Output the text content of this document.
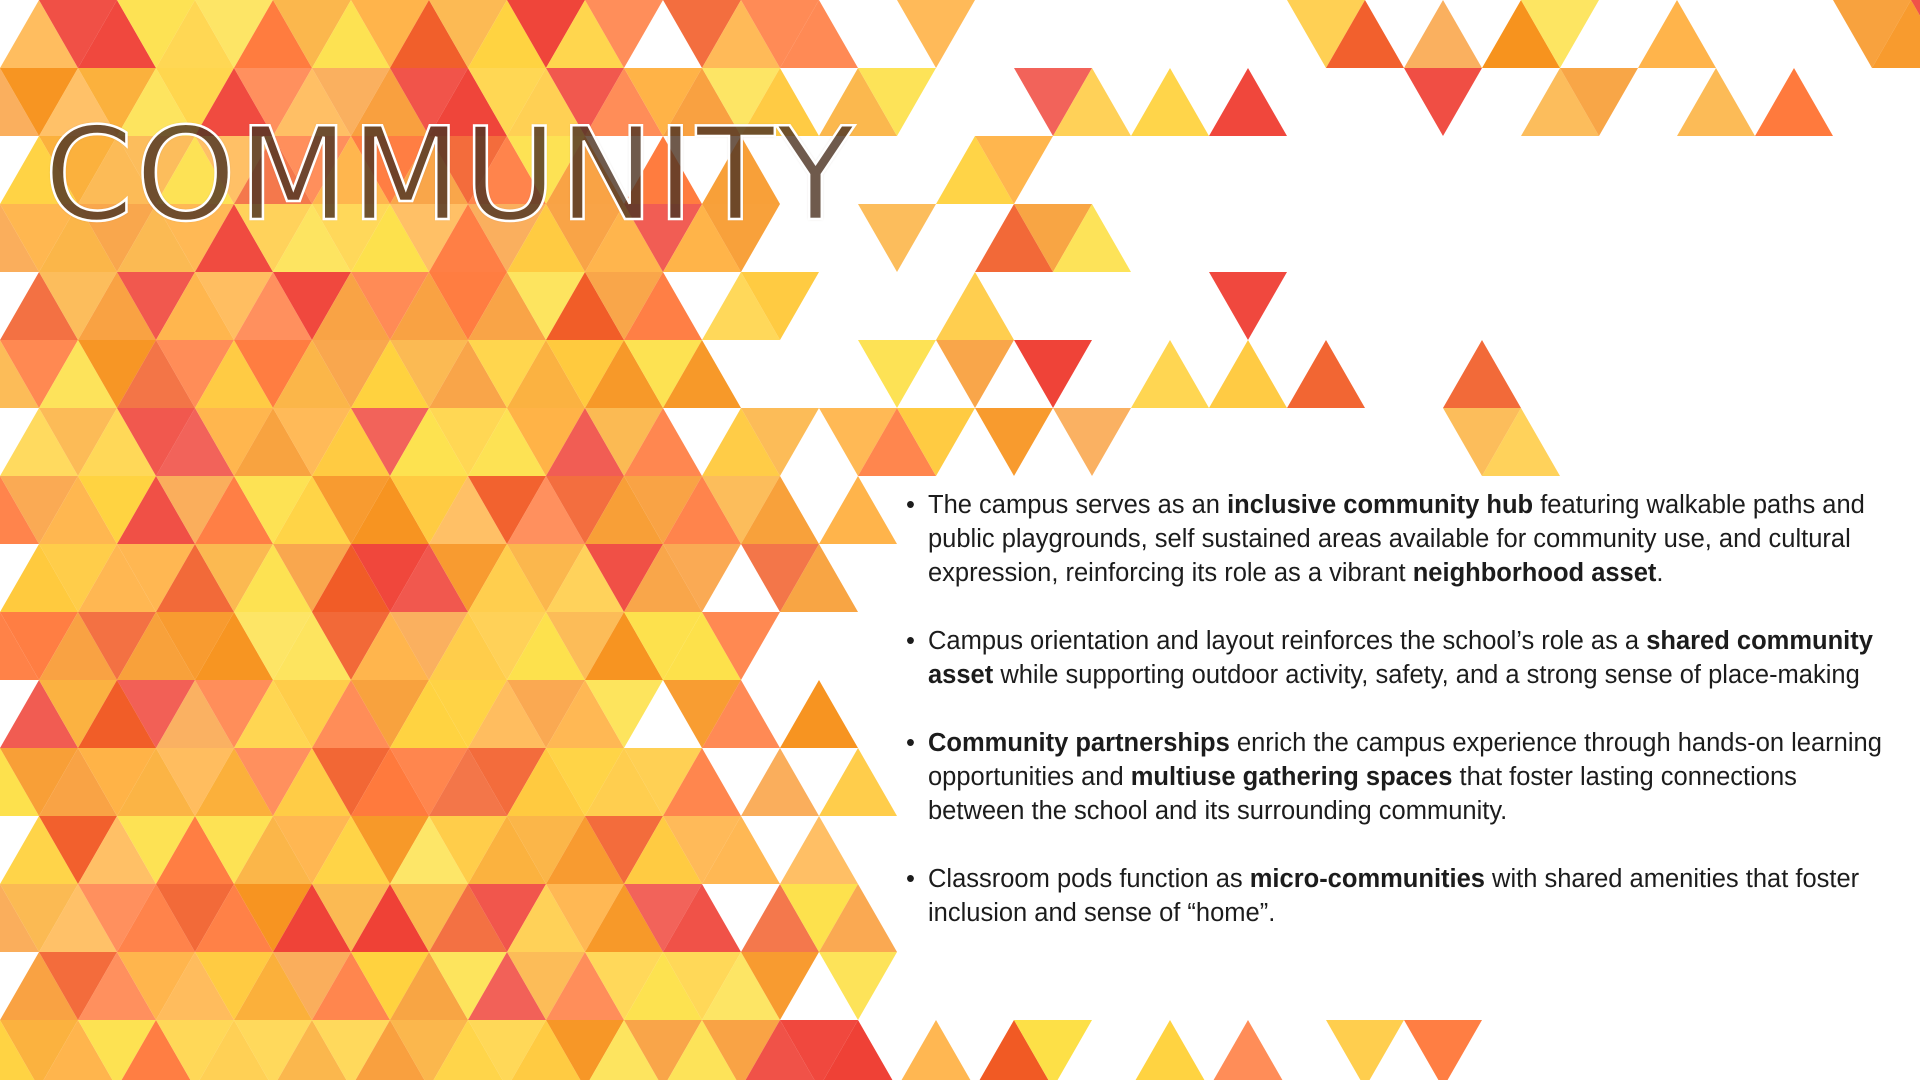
COMMUNITY
• The campus serves as an inclusive community hub featuring walkable paths and public playgrounds, self sustained areas available for community use, and cultural expression, reinforcing its role as a vibrant neighborhood asset.
• Campus orientation and layout reinforces the school’s role as a shared community asset while supporting outdoor activity, safety, and a strong sense of place-making
• Community partnerships enrich the campus experience through hands-on learning opportunities and multiuse gathering spaces that foster lasting connections between the school and its surrounding community.
• Classroom pods function as micro-communities with shared amenities that foster inclusion and sense of “home”.
